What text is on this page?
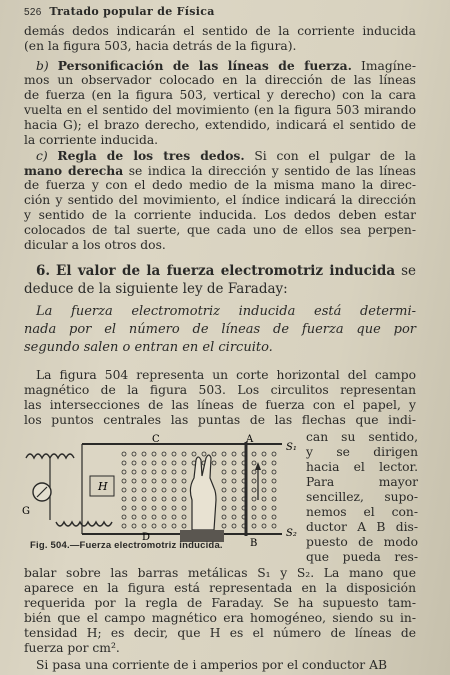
526 Tratado popular de Física
demás dedos indicarán el sentido de la corriente inducida
(en la figura 503, hacia detrás de la figura).
b) Personificación de las líneas de fuerza. Imagíne-
mos un observador colocado en la dirección de las líneas
de fuerza (en la figura 503, vertical y derecho) con la cara
vuelta en el sentido del movimiento (en la figura 503 mirando
hacia G); el brazo derecho, extendido, indicará el sentido de
la corriente inducida.
c) Regla de los tres dedos. Si con el pulgar de la
mano derecha se indica la dirección y sentido de las líneas
de fuerza y con el dedo medio de la misma mano la direc-
ción y sentido del movimiento, el índice indicará la dirección
y sentido de la corriente inducida. Los dedos deben estar
colocados de tal suerte, que cada uno de ellos sea perpen-
dicular a los otros dos.
6. El valor de la fuerza electromotriz inducida se
deduce de la siguiente ley de Faraday:
La fuerza electromotriz inducida está determi-
nada por el número de líneas de fuerza que por
segundo salen o entran en el circuito.
La figura 504 representa un corte horizontal del campo
magnético de la figura 503. Los circulitos representan
las intersecciones de las líneas de fuerza con el papel, y
los puntos centrales las puntas de las flechas que indi-
can su sentido,
y se dirigen
hacia el lector.
Para mayor
sencillez, supo-
nemos el con-
ductor A B dis-
puesto de modo
que pueda res-
C	A
S₁
H
G
D
B
S₂
Fig. 504.—Fuerza electromotriz inducida.
balar sobre las barras metálicas S₁ y S₂. La mano que
aparece en la figura está representada en la disposición
requerida por la regla de Faraday. Se ha supuesto tam-
bién que el campo magnético era homogéneo, siendo su in-
tensidad H; es decir, que H es el número de líneas de
fuerza por cm².
Si pasa una corriente de i amperios por el conductor AB
